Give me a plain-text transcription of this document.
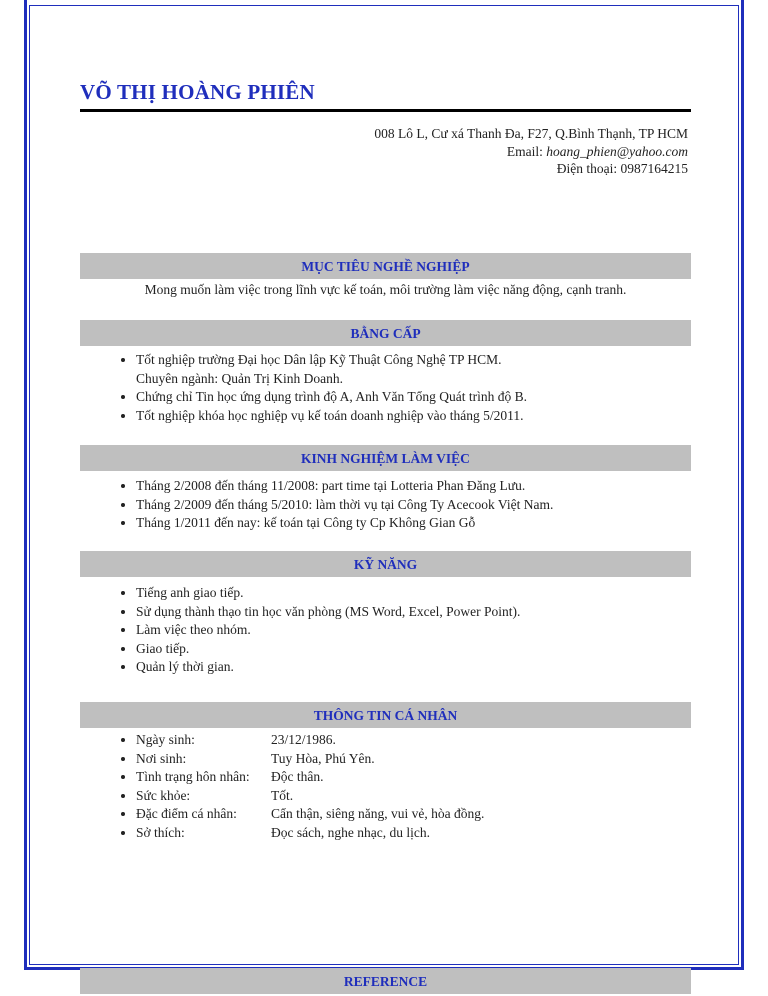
VÕ THỊ HOÀNG PHIÊN
008 Lô L, Cư xá Thanh Đa, F27, Q.Bình Thạnh, TP HCM
Email: hoang_phien@yahoo.com
Điện thoại: 0987164215
MỤC TIÊU NGHỀ NGHIỆP
Mong muốn làm việc trong lĩnh vực kế toán, môi trường làm việc năng động, cạnh tranh.
BẰNG CẤP
• Tốt nghiệp trường Đại học Dân lập Kỹ Thuật Công Nghệ TP HCM.
Chuyên ngành: Quản Trị Kinh Doanh.
• Chứng chỉ Tin học ứng dụng trình độ A, Anh Văn Tổng Quát trình độ B.
• Tốt nghiệp khóa học nghiệp vụ kế toán doanh nghiệp vào tháng 5/2011.
KINH NGHIỆM LÀM VIỆC
• Tháng 2/2008 đến tháng 11/2008: part time tại Lotteria Phan Đăng Lưu.
• Tháng 2/2009 đến tháng 5/2010: làm thời vụ tại Công Ty Acecook Việt Nam.
• Tháng 1/2011 đến nay: kế toán tại Công ty Cp Không Gian Gỗ
KỸ NĂNG
• Tiếng anh giao tiếp.
• Sử dụng thành thạo tin học văn phòng (MS Word, Excel, Power Point).
• Làm việc theo nhóm.
• Giao tiếp.
• Quản lý thời gian.
THÔNG TIN CÁ NHÂN
• Ngày sinh:	23/12/1986.
• Nơi sinh:	Tuy Hòa, Phú Yên.
• Tình trạng hôn nhân: Độc thân.
• Sức khỏe:	Tốt.
• Đặc điểm cá nhân:	Cẩn thận, siêng năng, vui vẻ, hòa đồng.
• Sở thích:	Đọc sách, nghe nhạc, du lịch.
REFERENCE
